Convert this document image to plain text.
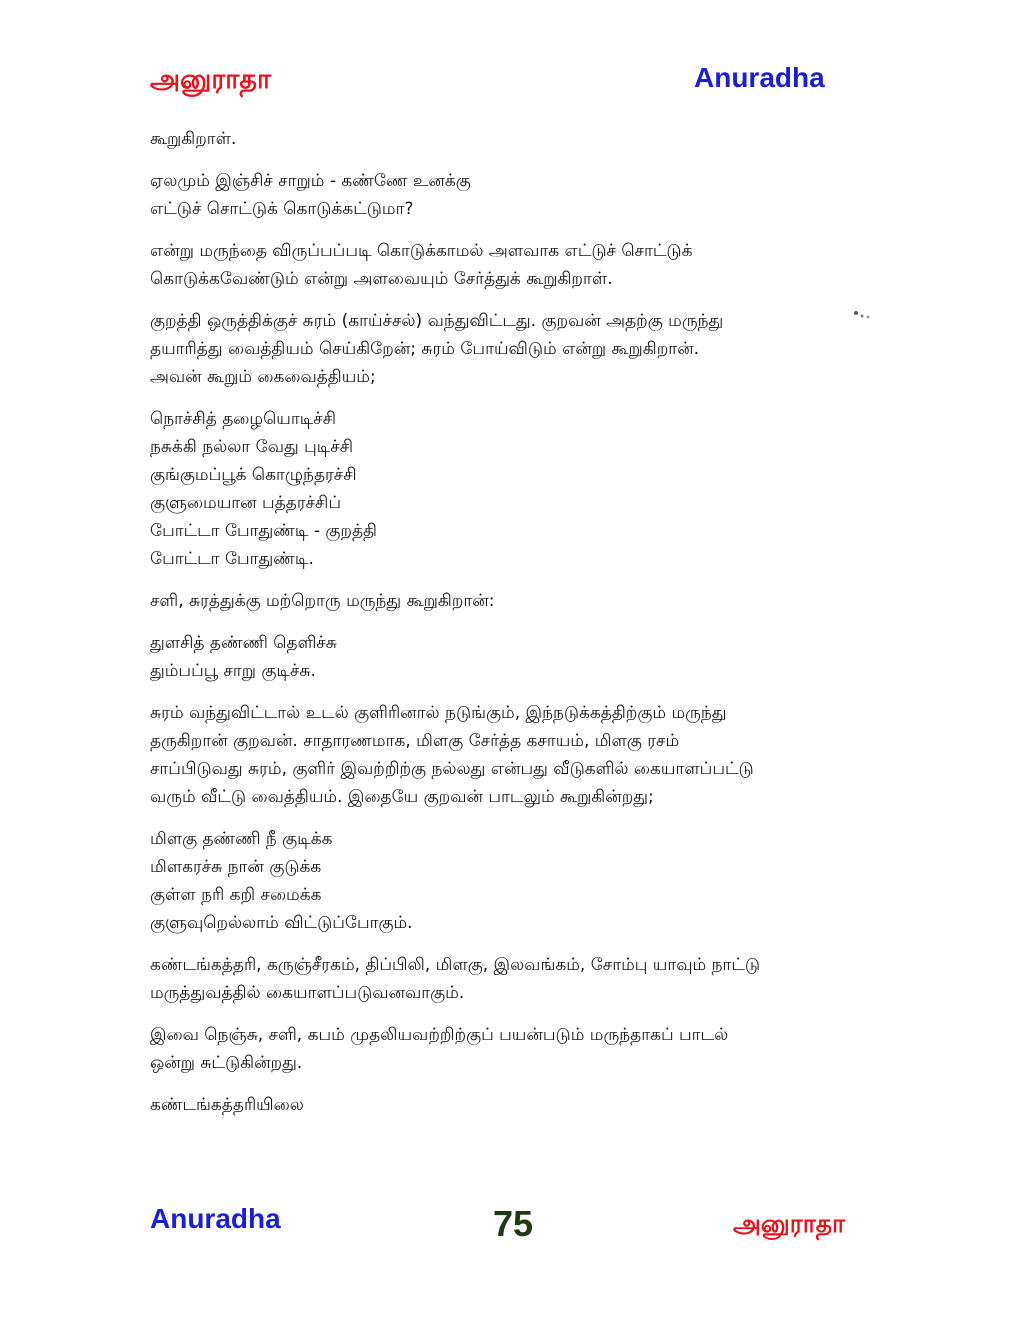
அனுராதா	Anuradha
கூறுகிறாள்.
ஏலமும் இஞ்சிச் சாறும் - கண்ணே உனக்கு
எட்டுச் சொட்டுக் கொடுக்கட்டுமா?
என்று மருந்தை விருப்பப்படி கொடுக்காமல் அளவாக எட்டுச் சொட்டுக்
கொடுக்கவேண்டும் என்று அளவையும் சேர்த்துக் கூறுகிறாள்.
குறத்தி ஒருத்திக்குச் சுரம் (காய்ச்சல்) வந்துவிட்டது. குறவன் அதற்கு மருந்து
தயாரித்து வைத்தியம் செய்கிறேன்; சுரம் போய்விடும் என்று கூறுகிறான்.
அவன் கூறும் கைவைத்தியம்;
நொச்சித் தழையொடிச்சி
நசுக்கி நல்லா வேது புடிச்சி
குங்குமப்பூக் கொழுந்தரச்சி
குளுமையான பத்தரச்சிப்
போட்டா போதுண்டி - குறத்தி
போட்டா போதுண்டி.
சளி, சுரத்துக்கு மற்றொரு மருந்து கூறுகிறான்:
துளசித் தண்ணி தெளிச்சு
தும்பப்பூ சாறு குடிச்சு.
சுரம் வந்துவிட்டால் உடல் குளிரினால் நடுங்கும், இந்நடுக்கத்திற்கும் மருந்து
தருகிறான் குறவன். சாதாரணமாக, மிளகு சேர்த்த கசாயம், மிளகு ரசம்
சாப்பிடுவது சுரம், குளிர் இவற்றிற்கு நல்லது என்பது வீடுகளில் கையாளப்பட்டு
வரும் வீட்டு வைத்தியம். இதையே குறவன் பாடலும் கூறுகின்றது;
மிளகு தண்ணி நீ குடிக்க
மிளகரச்சு நான் குடுக்க
குள்ள நரி கறி சமைக்க
குளுவுறெல்லாம் விட்டுப்போகும்.
கண்டங்கத்தரி, கருஞ்சீரகம், திப்பிலி, மிளகு, இலவங்கம், சோம்பு யாவும் நாட்டு
மருத்துவத்தில் கையாளப்படுவனவாகும்.
இவை நெஞ்சு, சளி, கபம் முதலியவற்றிற்குப் பயன்படும் மருந்தாகப் பாடல்
ஒன்று சுட்டுகின்றது.
கண்டங்கத்தரியிலை
Anuradha	75	அனுராதா
